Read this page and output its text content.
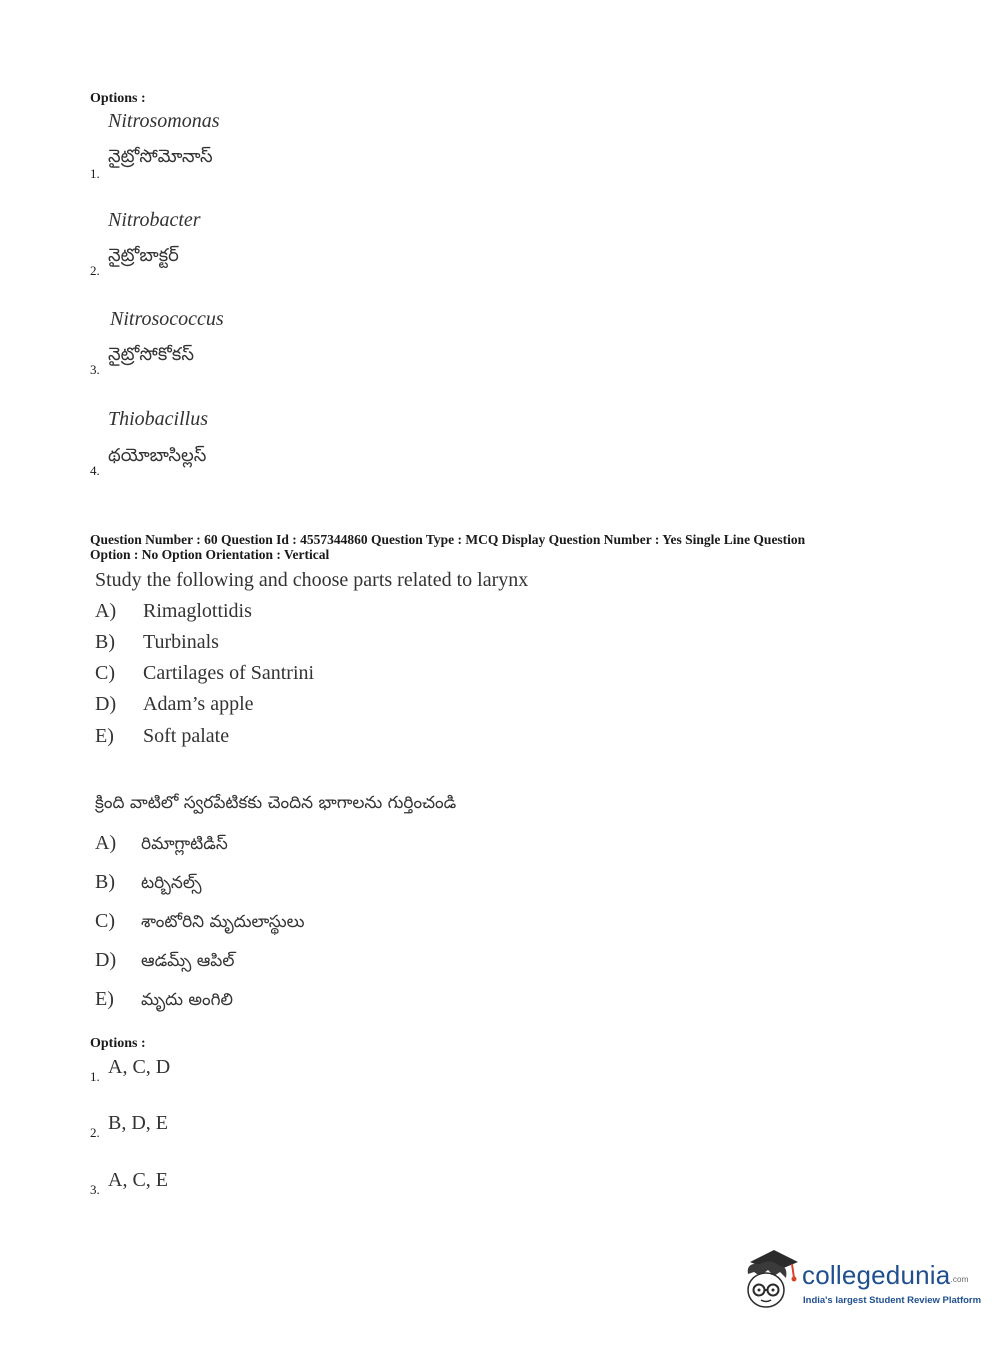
Options :
Nitrosomonas
1.
నైట్రోసోమోనాస్
Nitrobacter
2.
నైట్రోబాక్టర్
Nitrosococcus
3.
నైట్రోసోకోకస్
Thiobacillus
4.
థయోబాసిల్లస్
Question Number : 60 Question Id : 4557344860 Question Type : MCQ Display Question Number : Yes Single Line Question
Option : No Option Orientation : Vertical
Study the following and choose parts related to larynx
A) Rimaglottidis
B) Turbinals
C) Cartilages of Santrini
D) Adam’s apple
E) Soft palate
క్రింది వాటిలో స్వరపేటికకు చెందిన భాగాలను గుర్తించండి
A) రిమాగ్లాటిడిస్
B) టర్బినల్స్
C) శాంటోరిని మృదులాస్థులు
D) ఆడమ్స్ ఆపిల్
E) మృదు అంగిలి
Options :
1. A, C, D
2. B, D, E
3. A, C, E
collegedunia.com
India's largest Student Review Platform
